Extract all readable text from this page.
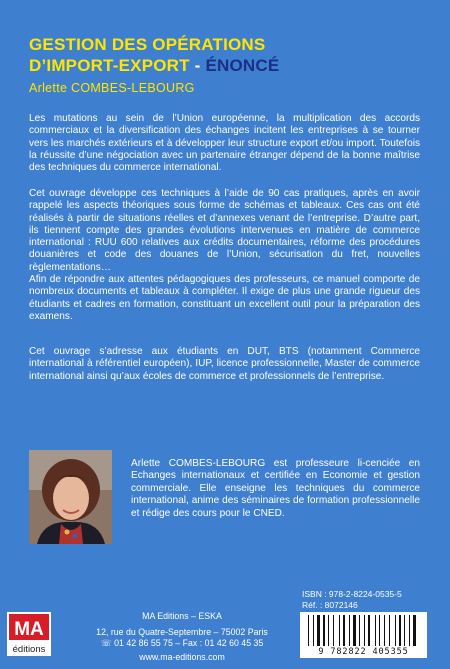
GESTION DES OPÉRATIONS
D’IMPORT-EXPORT - ÉNONCÉ
Arlette COMBES-LEBOURG
Les mutations au sein de l’Union européenne, la multiplication des accords commerciaux et la diversification des échanges incitent les entreprises à se tourner vers les marchés extérieurs et à développer leur structure export et/ou import. Toutefois la réussite d’une négociation avec un partenaire étranger dépend de la bonne maîtrise des techniques du commerce international.
Cet ouvrage développe ces techniques à l’aide de 90 cas pratiques, après en avoir rappelé les aspects théoriques sous forme de schémas et tableaux. Ces cas ont été réalisés à partir de situations réelles et d’annexes venant de l’entreprise. D’autre part, ils tiennent compte des grandes évolutions intervenues en matière de commerce international : RUU 600 relatives aux crédits documentaires, réforme des procédures douanières et code des douanes de l’Union, sécurisation du fret, nouvelles règlementations…
Afin de répondre aux attentes pédagogiques des professeurs, ce manuel comporte de nombreux documents et tableaux à compléter. Il exige de plus une grande rigueur des étudiants et cadres en formation, constituant un excellent outil pour la préparation des examens.
Cet ouvrage s’adresse aux étudiants en DUT, BTS (notamment Commerce international à référentiel européen), IUP, licence professionnelle, Master de commerce international ainsi qu’aux écoles de commerce et professionnels de l’entreprise.
Arlette COMBES-LEBOURG est professeure li-cenciée en Echanges internationaux et certifiée en Economie et gestion commerciale. Elle enseigne les techniques du commerce international, anime des séminaires de formation professionnelle et rédige des cours pour le CNED.
ISBN : 978-2-8224-0535-5
Réf. : 8072146
9 782822 405355
MA
éditions
MA Editions – ESKA
12, rue du Quatre-Septembre – 75002 Paris
☏ 01 42 86 55 75 – Fax : 01 42 60 45 35
www.ma-editions.com
